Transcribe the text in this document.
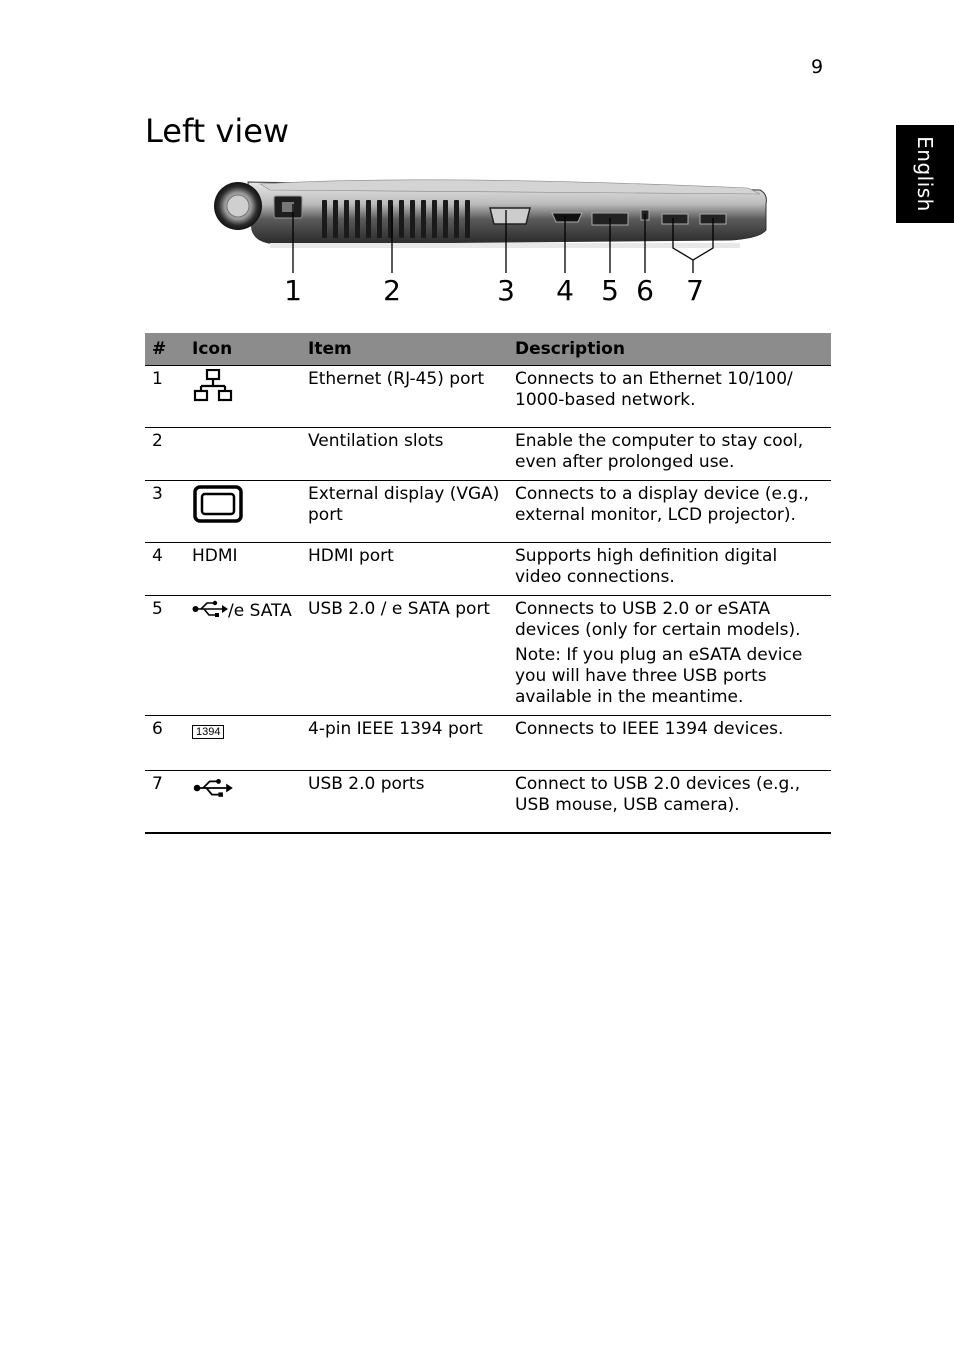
9
English
Left view
1	2	3 4 5 6 7
#	Icon	Item	Description
1		Ethernet (RJ-45) port	Connects to an Ethernet 10/100/ 1000-based network.
2		Ventilation slots	Enable the computer to stay cool, even after prolonged use.
3		External display (VGA) port	Connects to a display device (e.g., external monitor, LCD projector).
4	HDMI	HDMI port	Supports high definition digital video connections.
5	/e SATA	USB 2.0 / e SATA port	Connects to USB 2.0 or eSATA devices (only for certain models).

Note: If you plug an eSATA device you will have three USB ports available in the meantime.

6	1394	4-pin IEEE 1394 port	Connects to IEEE 1394 devices.
7		USB 2.0 ports	Connect to USB 2.0 devices (e.g., USB mouse, USB camera).
